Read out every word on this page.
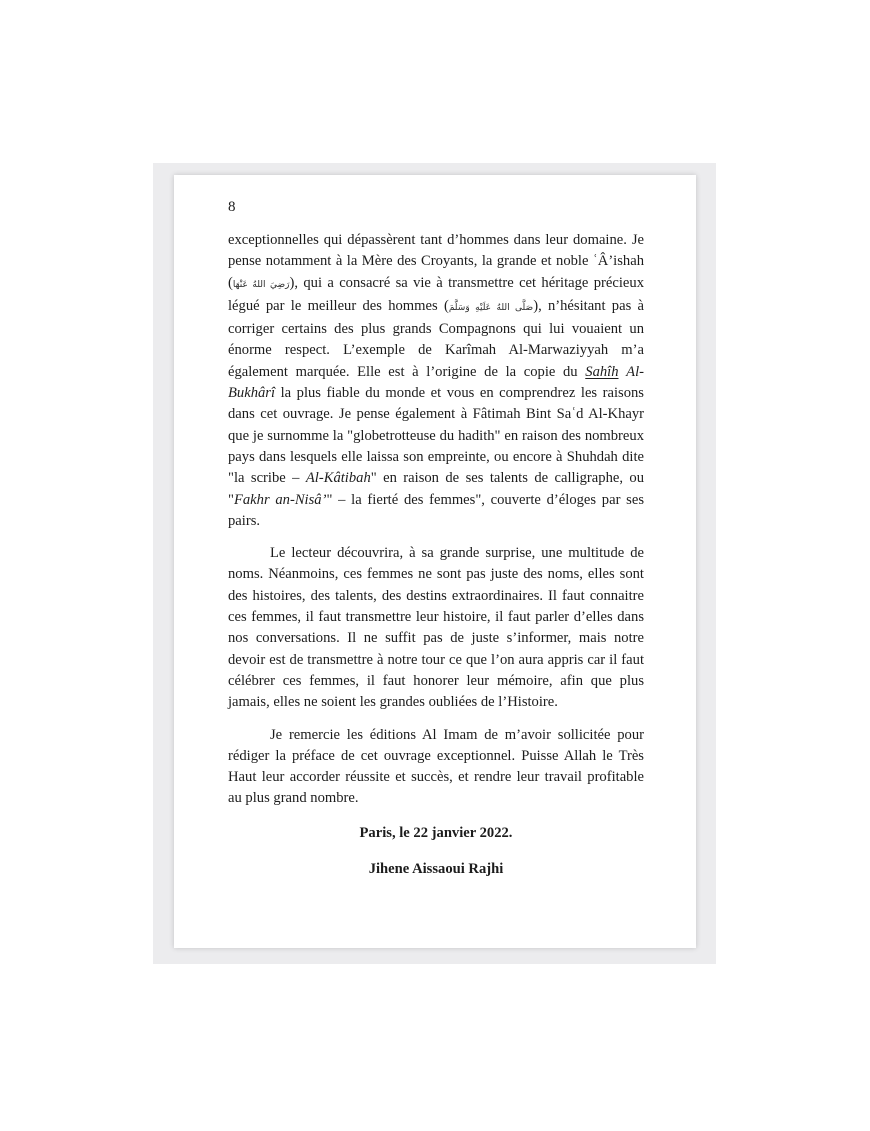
8

exceptionnelles qui dépassèrent tant d’hommes dans leur domaine. Je pense notamment à la Mère des Croyants, la grande et noble ʿÂ’ishah (رَضِيَ اللهُ عَنْهَا), qui a consacré sa vie à transmettre cet héritage précieux légué par le meilleur des hommes (صَلَّى اللهُ عَلَيْهِ وَسَلَّمَ), n’hésitant pas à corriger certains des plus grands Compagnons qui lui vouaient un énorme respect. L’exemple de Karîmah Al-Marwaziyyah m’a également marquée. Elle est à l’origine de la copie du Sahîh Al-Bukhârî la plus fiable du monde et vous en comprendrez les raisons dans cet ouvrage. Je pense également à Fâtimah Bint Saʿd Al-Khayr que je surnomme la "globetrotteuse du hadith" en raison des nombreux pays dans lesquels elle laissa son empreinte, ou encore à Shuhdah dite "la scribe – Al-Kâtibah" en raison de ses talents de calligraphe, ou "Fakhr an-Nisâ’" – la fierté des femmes", couverte d’éloges par ses pairs.

Le lecteur découvrira, à sa grande surprise, une multitude de noms. Néanmoins, ces femmes ne sont pas juste des noms, elles sont des histoires, des talents, des destins extraordinaires. Il faut connaitre ces femmes, il faut transmettre leur histoire, il faut parler d’elles dans nos conversations. Il ne suffit pas de juste s’informer, mais notre devoir est de transmettre à notre tour ce que l’on aura appris car il faut célébrer ces femmes, il faut honorer leur mémoire, afin que plus jamais, elles ne soient les grandes oubliées de l’Histoire.

Je remercie les éditions Al Imam de m’avoir sollicitée pour rédiger la préface de cet ouvrage exceptionnel. Puisse Allah le Très Haut leur accorder réussite et succès, et rendre leur travail profitable au plus grand nombre.

Paris, le 22 janvier 2022.

Jihene Aissaoui Rajhi
